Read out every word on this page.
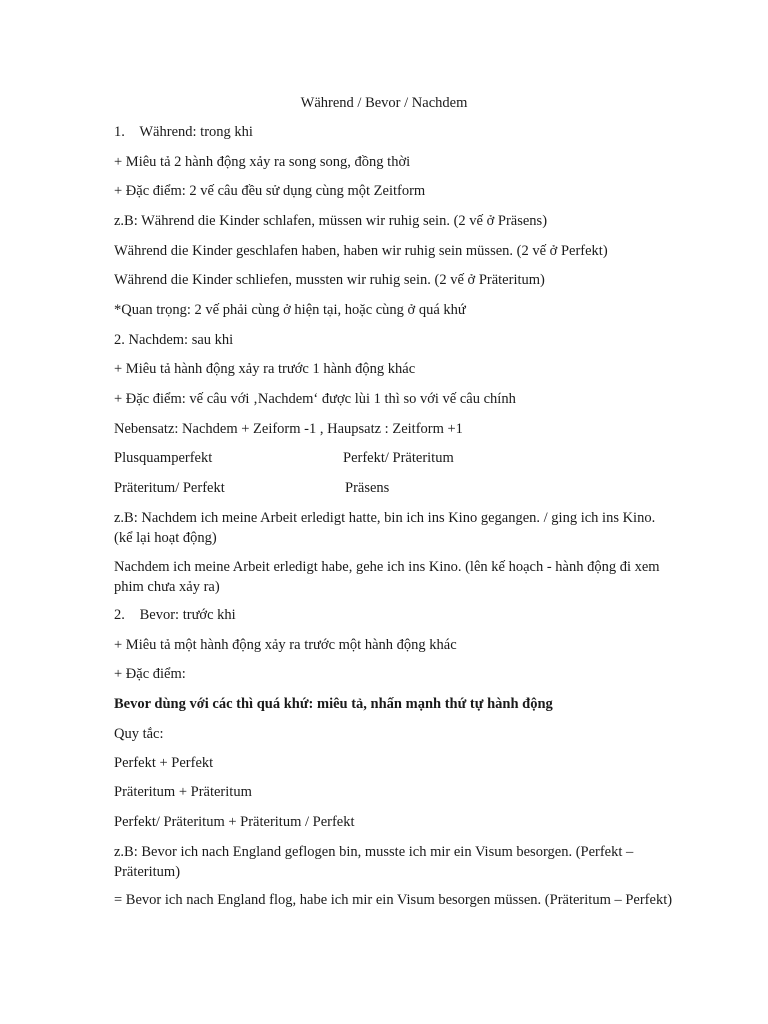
Während / Bevor / Nachdem
1. Während: trong khi
+ Miêu tả 2 hành động xảy ra song song, đồng thời
+ Đặc điểm: 2 vế câu đều sử dụng cùng một Zeitform
z.B: Während die Kinder schlafen, müssen wir ruhig sein. (2 vế ở Präsens)
Während die Kinder geschlafen haben, haben wir ruhig sein müssen. (2 vế ở Perfekt)
Während die Kinder schliefen, mussten wir ruhig sein. (2 vế ở Präteritum)
*Quan trọng: 2 vế phải cùng ở hiện tại, hoặc cùng ở quá khứ
2. Nachdem: sau khi
+ Miêu tả hành động xảy ra trước 1 hành động khác
+ Đặc điểm: vế câu với ‚Nachdem‘ được lùi 1 thì so với vế câu chính
Nebensatz: Nachdem + Zeiform -1 , Haupsatz : Zeitform +1
Plusquamperfekt	Perfekt/ Präteritum
Präteritum/ Perfekt	Präsens
z.B: Nachdem ich meine Arbeit erledigt hatte, bin ich ins Kino gegangen. / ging ich ins Kino. (kể lại hoạt động)
Nachdem ich meine Arbeit erledigt habe, gehe ich ins Kino. (lên kế hoạch - hành động đi xem phim chưa xảy ra)
2. Bevor: trước khi
+ Miêu tả một hành động xảy ra trước một hành động khác
+ Đặc điểm:
Bevor dùng với các thì quá khứ: miêu tả, nhấn mạnh thứ tự hành động
Quy tắc:
Perfekt + Perfekt
Präteritum + Präteritum
Perfekt/ Präteritum + Präteritum / Perfekt
z.B: Bevor ich nach England geflogen bin, musste ich mir ein Visum besorgen. (Perfekt – Präteritum)
= Bevor ich nach England flog, habe ich mir ein Visum besorgen müssen. (Präteritum – Perfekt)
